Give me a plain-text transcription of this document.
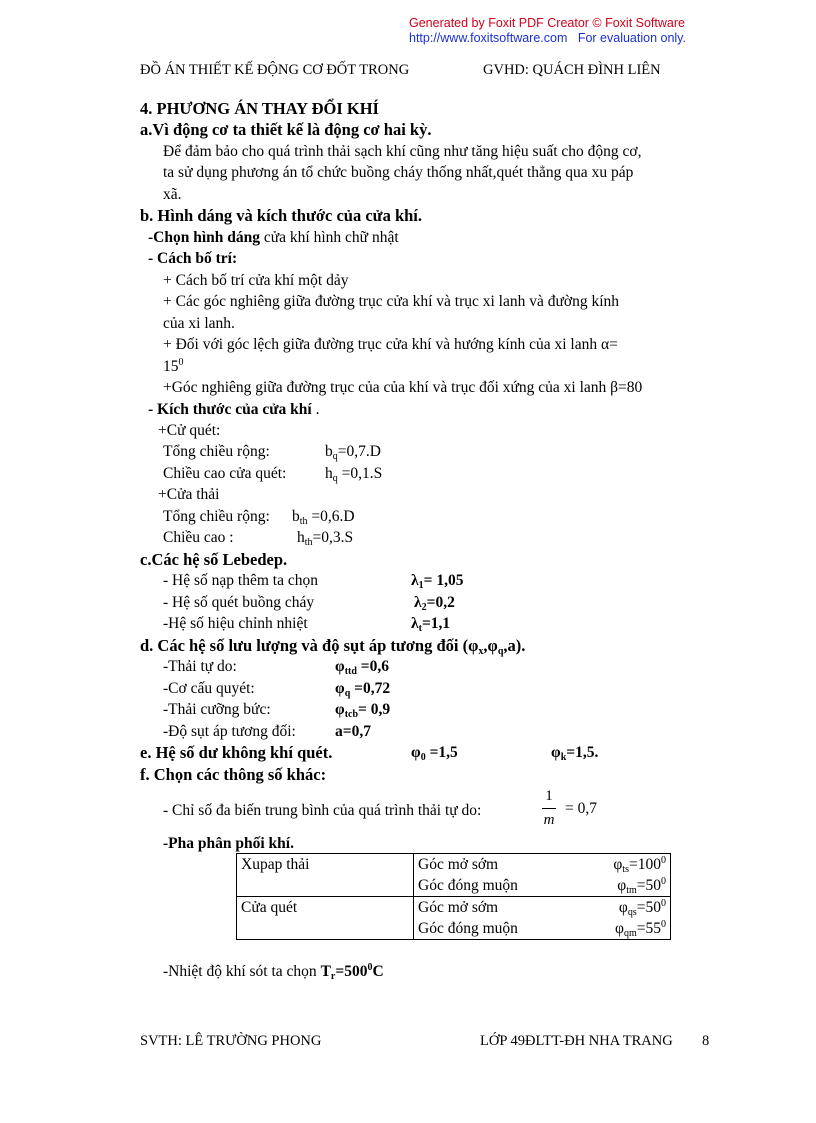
Generated by Foxit PDF Creator © Foxit Software
http://www.foxitsoftware.com For evaluation only.
ĐỒ ÁN THIẾT KẾ ĐỘNG CƠ ĐỐT TRONG	GVHD: QUÁCH ĐÌNH LIÊN
4. PHƯƠNG ÁN THAY ĐỔI KHÍ
a.Vì động cơ ta thiết kế là động cơ hai kỳ.
Để đảm bảo cho quá trình thải sạch khí cũng như tăng hiệu suất cho động cơ,
ta sử dụng phương án tổ chức buồng cháy thống nhất,quét thẳng qua xu páp
xã.
b. Hình dáng và kích thước của cửa khí.
-Chọn hình dáng cửa khí hình chữ nhật
- Cách bố trí:
+ Cách bố trí cửa khí một dảy
+ Các góc nghiêng giữa đường trục cửa khí và trục xi lanh và đường kính
của xi lanh.
+ Đối với góc lệch giữa đường trục cửa khí và hướng kính của xi lanh α=
$15^0$
+Góc nghiêng giữa đường trục của của khí và trục đối xứng của xi lanh β=80
- Kích thước của cửa khí .
+Cử quét:
Tổng chiều rộng:	$b_q=0,7.D$
Chiều cao cửa quét: $h_q =0,1.S$
+Cửa thải
Tổng chiều rộng: $b_{th} =0,6.D$
Chiều cao :	$h_{th}=0,3.S$
c.Các hệ số Lebedep.
- Hệ số nạp thêm ta chọn	$\lambda_1= 1,05$
- Hệ số quét buồng cháy	$\lambda_2=0,2$
-Hệ số hiệu chỉnh nhiệt	$\lambda_t=1,1$
d. Các hệ số lưu lượng và độ sụt áp tương đối $(\varphi_x,\varphi_q,a)$.
-Thải tự do:	$\varphi_{ttd} =0,6$
-Cơ cấu quyét:	$\varphi_q =0,72$
-Thải cưỡng bức:	$\varphi_{tcb}= 0,9$
-Độ sụt áp tương đối:	a=0,7
e. Hệ số dư không khí quét.	$\varphi_0 =1,5$	$\varphi_k=1,5$.
f. Chọn các thông số khác:
- Chỉ số đa biến trung bình của quá trình thải tự do:
1
m
= 0,7
-Pha phân phối khí.
Xupap thải	Góc mở sớm $\varphi_{ts}=100^0$
Góc đóng muộn $\varphi_{tm}=50^0$

Cửa quét	Góc mở sớm $\varphi_{qs}=50^0$
Góc đóng muộn $\varphi_{qm}=55^0$
-Nhiệt độ khí sót ta chọn $T_r=500^0C$
SVTH: LÊ TRƯỜNG PHONG	LỚP 49ĐLTT-ĐH NHA TRANG 8
